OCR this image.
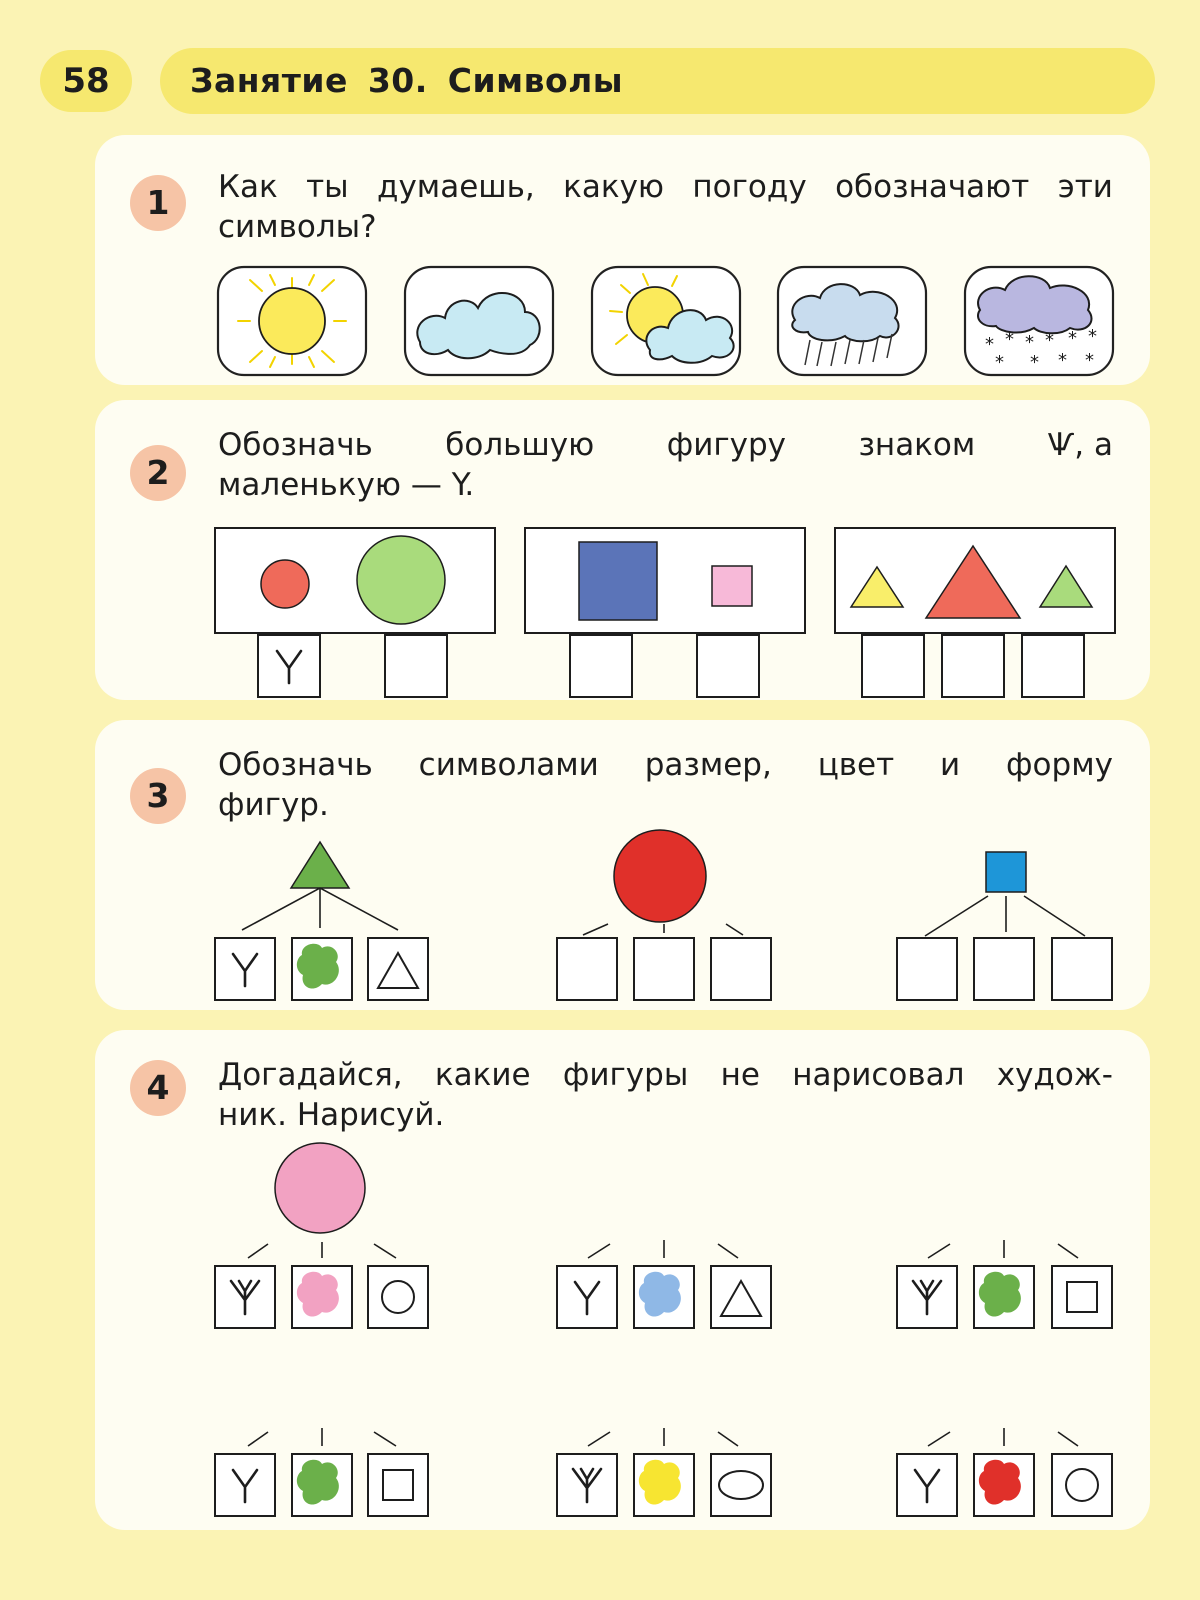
58	Занятие 30. Символы
1	Как ты думаешь, какую погоду обозначают эти
символы?
2
Обозначь большую фигуру знаком Ѱ, а
маленькую — Y.
3
Обозначь символами размер, цвет и форму
фигур.
4	Догадайся, какие фигуры не нарисовал худож-
ник. Нарисуй.
* * * * * *
* * * *
